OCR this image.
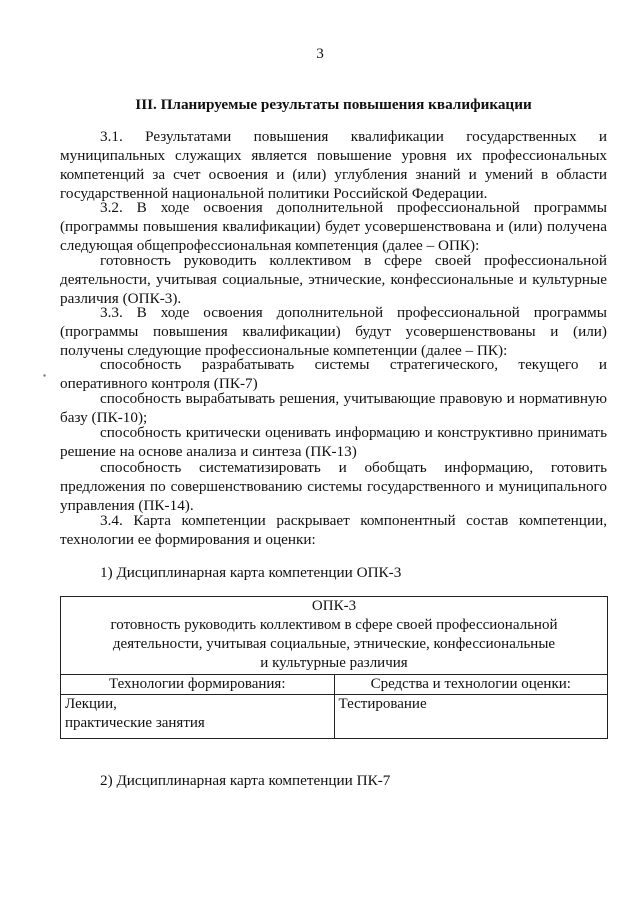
3
III. Планируемые результаты повышения квалификации
3.1. Результатами повышения квалификации государственных и муниципальных служащих является повышение уровня их профессиональных компетенций за счет освоения и (или) углубления знаний и умений в области государственной национальной политики Российской Федерации.
3.2. В ходе освоения дополнительной профессиональной программы (программы повышения квалификации) будет усовершенствована и (или) получена следующая общепрофессиональная компетенция (далее – ОПК):
готовность руководить коллективом в сфере своей профессиональной деятельности, учитывая социальные, этнические, конфессиональные и культурные различия (ОПК-3).
3.3. В ходе освоения дополнительной профессиональной программы (программы повышения квалификации) будут усовершенствованы и (или) получены следующие профессиональные компетенции (далее – ПК):
способность разрабатывать системы стратегического, текущего и оперативного контроля (ПК-7)
способность вырабатывать решения, учитывающие правовую и нормативную базу (ПК-10);
способность критически оценивать информацию и конструктивно принимать решение на основе анализа и синтеза (ПК-13)
способность систематизировать и обобщать информацию, готовить предложения по совершенствованию системы государственного и муниципального управления (ПК-14).
3.4. Карта компетенции раскрывает компонентный состав компетенции, технологии ее формирования и оценки:
1) Дисциплинарная карта компетенции ОПК-3
ОПК-3
готовность руководить коллективом в сфере своей профессиональной
деятельности, учитывая социальные, этнические, конфессиональные
и культурные различия	

Технологии формирования:	Средства и технологии оценки:

Лекции,
практические занятия	Тестирование
2) Дисциплинарная карта компетенции ПК-7
